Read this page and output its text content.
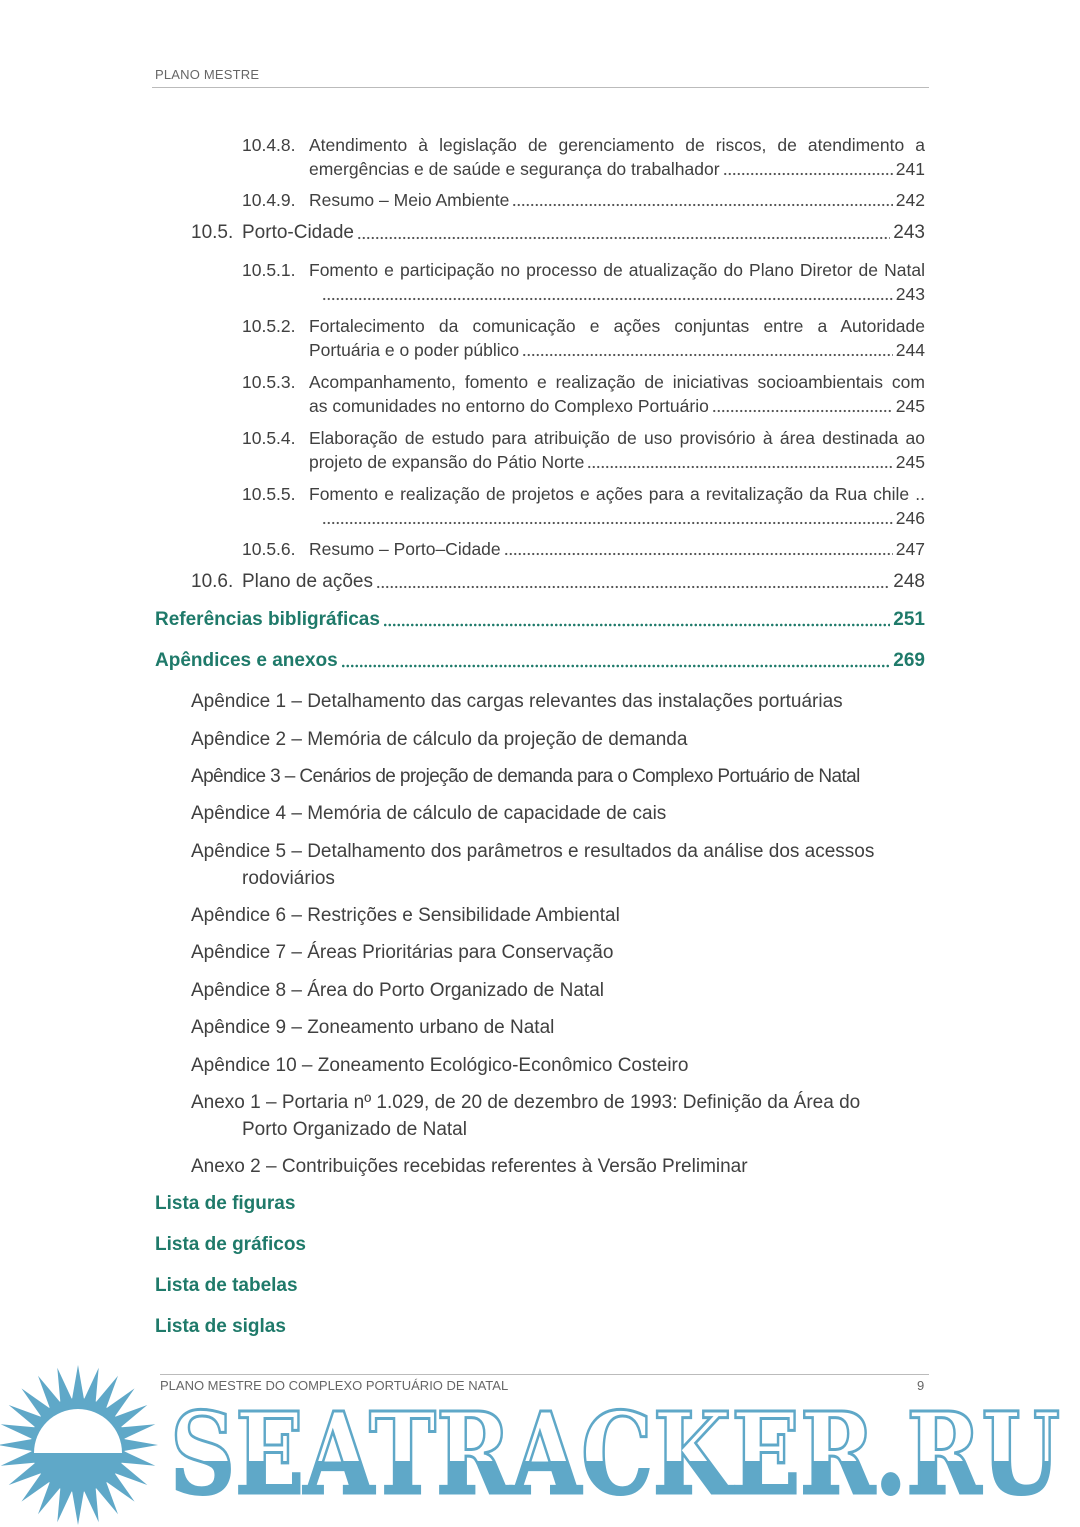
PLANO MESTRE
10.4.8. Atendimento à legislação de gerenciamento de riscos, de atendimento a
emergências e de saúde e segurança do trabalhador	241
10.4.9. Resumo – Meio Ambiente	242
10.5. Porto-Cidade	243
10.5.1. Fomento e participação no processo de atualização do Plano Diretor de Natal
243
10.5.2. Fortalecimento da comunicação e ações conjuntas entre a Autoridade
Portuária e o poder público	244
10.5.3. Acompanhamento, fomento e realização de iniciativas socioambientais com
as comunidades no entorno do Complexo Portuário	245
10.5.4. Elaboração de estudo para atribuição de uso provisório à área destinada ao
projeto de expansão do Pátio Norte	245
10.5.5. Fomento e realização de projetos e ações para a revitalização da Rua chile ..
246
10.5.6. Resumo – Porto–Cidade	247
10.6. Plano de ações	248
Referências bibligráficas	251
Apêndices e anexos	269
Apêndice 1 – Detalhamento das cargas relevantes das instalações portuárias
Apêndice 2 – Memória de cálculo da projeção de demanda
Apêndice 3 – Cenários de projeção de demanda para o Complexo Portuário de Natal
Apêndice 4 – Memória de cálculo de capacidade de cais
Apêndice 5 – Detalhamento dos parâmetros e resultados da análise dos acessos

rodoviários
Apêndice 6 – Restrições e Sensibilidade Ambiental
Apêndice 7 – Áreas Prioritárias para Conservação
Apêndice 8 – Área do Porto Organizado de Natal
Apêndice 9 – Zoneamento urbano de Natal
Apêndice 10 – Zoneamento Ecológico-Econômico Costeiro
Anexo 1 – Portaria nº 1.029, de 20 de dezembro de 1993: Definição da Área do

Porto Organizado de Natal
Anexo 2 – Contribuições recebidas referentes à Versão Preliminar
Lista de figuras
Lista de gráficos
Lista de tabelas
Lista de siglas
SEATRACKER.RU
PLANO MESTRE DO COMPLEXO PORTUÁRIO DE NATAL	9
